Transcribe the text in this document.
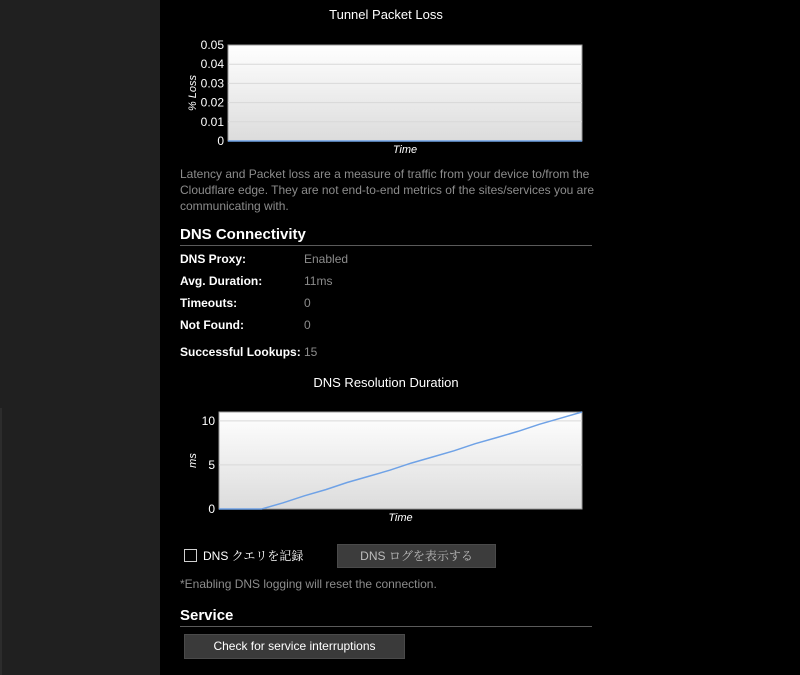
Tunnel Packet Loss
0.05
0.04
0.03
0.02
0.01
0
% Loss
Time
Latency and Packet loss are a measure of traffic from your device to/from the Cloudflare edge. They are not end-to-end metrics of the sites/services you are communicating with.
DNS Connectivity
DNS Proxy:	Enabled
Avg. Duration:	11ms
Timeouts:	0
Not Found:	0
Successful Lookups: 15
DNS Resolution Duration
10
5
0
ms
Time
DNS クエリを記録	DNS ログを表示する
*Enabling DNS logging will reset the connection.
Service
Check for service interruptions
